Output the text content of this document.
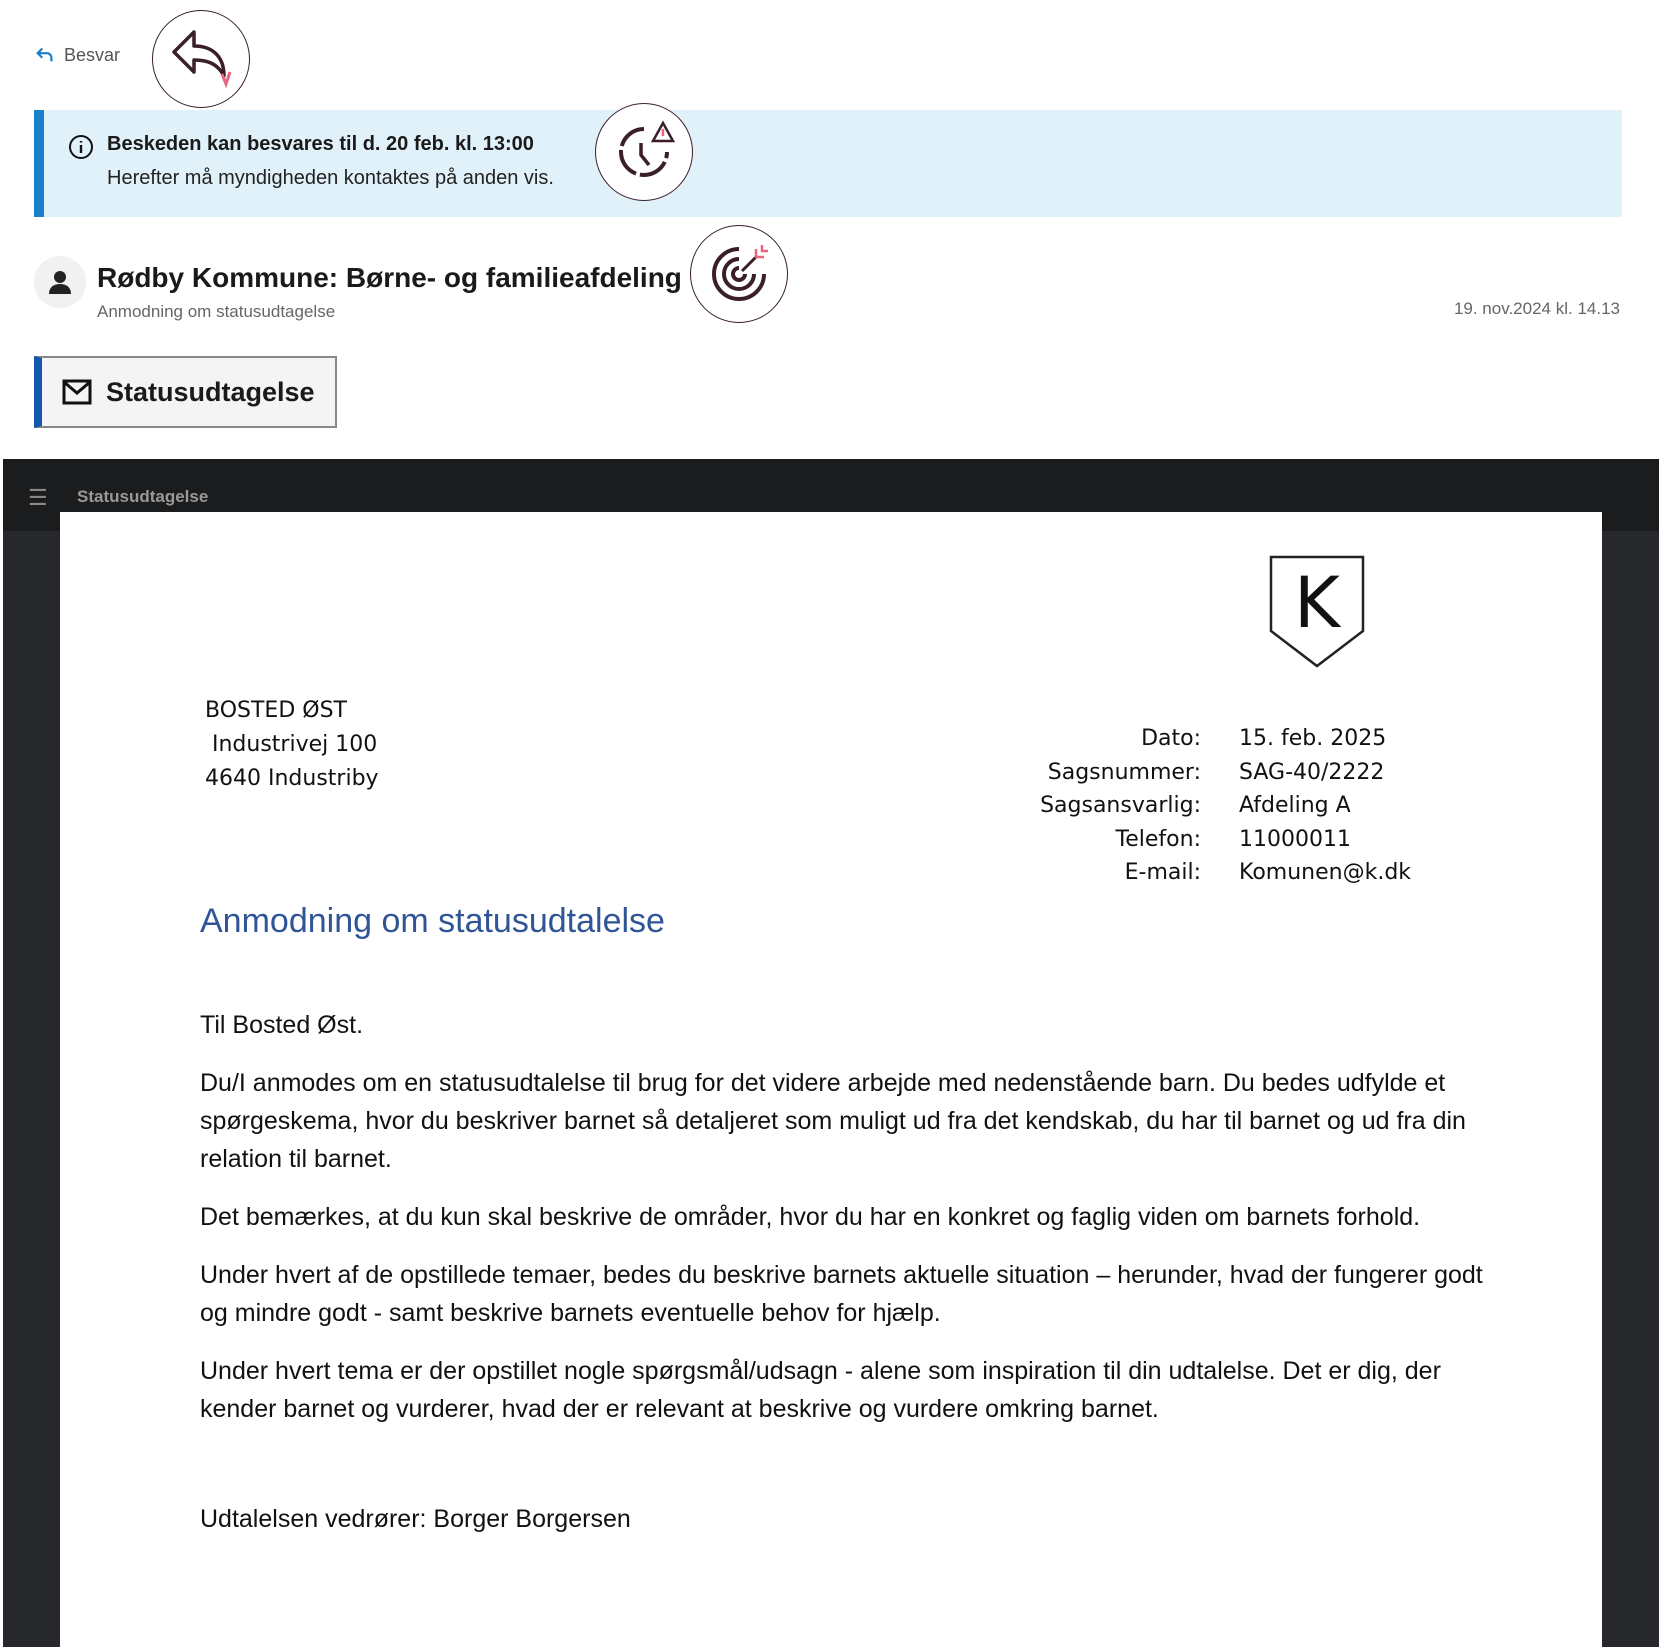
Besvar
Beskeden kan besvares til d. 20 feb. kl. 13:00
Herefter må myndigheden kontaktes på anden vis.
Rødby Kommune: Børne- og familieafdeling
Anmodning om statusudtagelse	19. nov.2024 kl. 14.13
Statusudtagelse
☰ Statusudtagelse
K
BOSTED ØST
Industrivej 100
4640 Industriby
Dato: 15. feb. 2025
Sagsnummer: SAG-40/2222
Sagsansvarlig: Afdeling A
Telefon: 11000011
E-mail: Komunen@k.dk
Anmodning om statusudtalelse

Til Bosted Øst.

Du/I anmodes om en statusudtalelse til brug for det videre arbejde med nedenstående barn. Du bedes udfylde et spørgeskema, hvor du beskriver barnet så detaljeret som muligt ud fra det kendskab, du har til barnet og ud fra din relation til barnet.

Det bemærkes, at du kun skal beskrive de områder, hvor du har en konkret og faglig viden om barnets forhold.

Under hvert af de opstillede temaer, bedes du beskrive barnets aktuelle situation – herunder, hvad der fungerer godt og mindre godt - samt beskrive barnets eventuelle behov for hjælp.

Under hvert tema er der opstillet nogle spørgsmål/udsagn - alene som inspiration til din udtalelse. Det er dig, der kender barnet og vurderer, hvad der er relevant at beskrive og vurdere omkring barnet.

Udtalelsen vedrører: Borger Borgersen
